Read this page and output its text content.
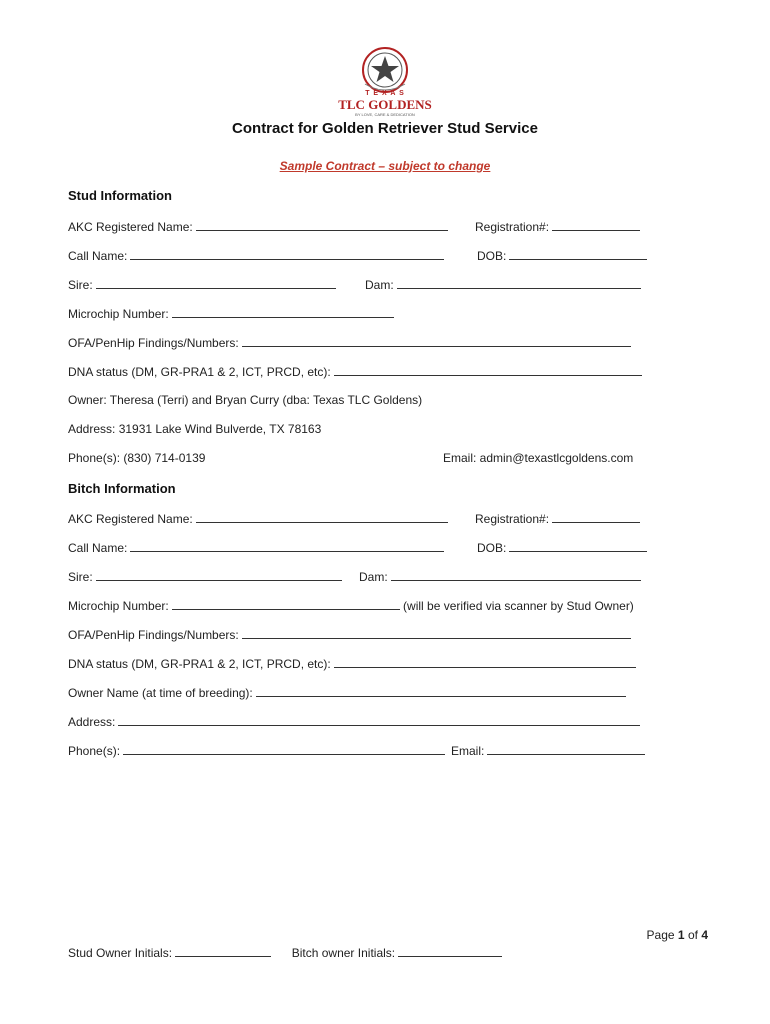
T E X A S
TLC GOLDENS
BY LOVE, CARE & DEDICATION
Contract for Golden Retriever Stud Service
Sample Contract – subject to change
Stud Information
AKC Registered Name:	Registration#:
Call Name:	DOB:
Sire:	Dam:
Microchip Number:
OFA/PenHip Findings/Numbers:
DNA status (DM, GR-PRA1 & 2, ICT, PRCD, etc):
Owner: Theresa (Terri) and Bryan Curry (dba: Texas TLC Goldens)
Address: 31931 Lake Wind Bulverde, TX 78163
Phone(s): (830) 714-0139	Email: admin@texastlcgoldens.com
Bitch Information
AKC Registered Name:	Registration#:
Call Name:	DOB:
Sire:	Dam:
Microchip Number:	(will be verified via scanner by Stud Owner)
OFA/PenHip Findings/Numbers:
DNA status (DM, GR-PRA1 & 2, ICT, PRCD, etc):
Owner Name (at time of breeding):
Address:
Phone(s):	Email:
Page 1 of 4
Stud Owner Initials:	Bitch owner Initials:
